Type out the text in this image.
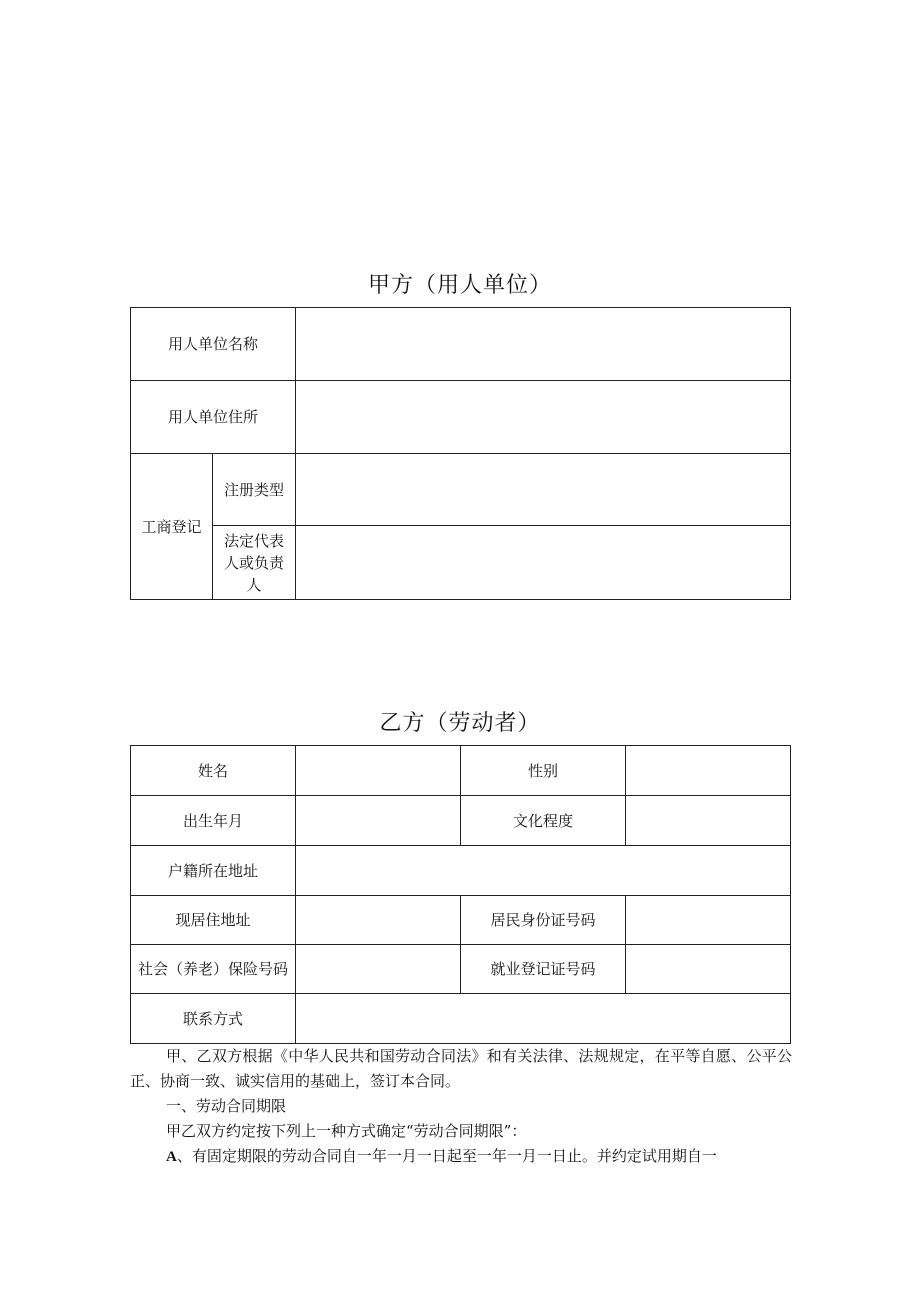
甲方（用人单位）
用人单位名称		
用人单位住所		
工商登记	注册类型	
	法定代表人或负责人	
乙方（劳动者）
姓名		性别	
出生年月		文化程度	
户籍所在地址			
现居住地址		居民身份证号码	
社会（养老）保险号码		就业登记证号码	
联系方式			
甲、乙双方根据《中华人民共和国劳动合同法》和有关法律、法规规定，在平等自愿、公平公正、协商一致、诚实信用的基础上，签订本合同。
一、劳动合同期限
甲乙双方约定按下列上一种方式确定“劳动合同期限”：
A、有固定期限的劳动合同自一年一月一日起至一年一月一日止。并约定试用期自一
